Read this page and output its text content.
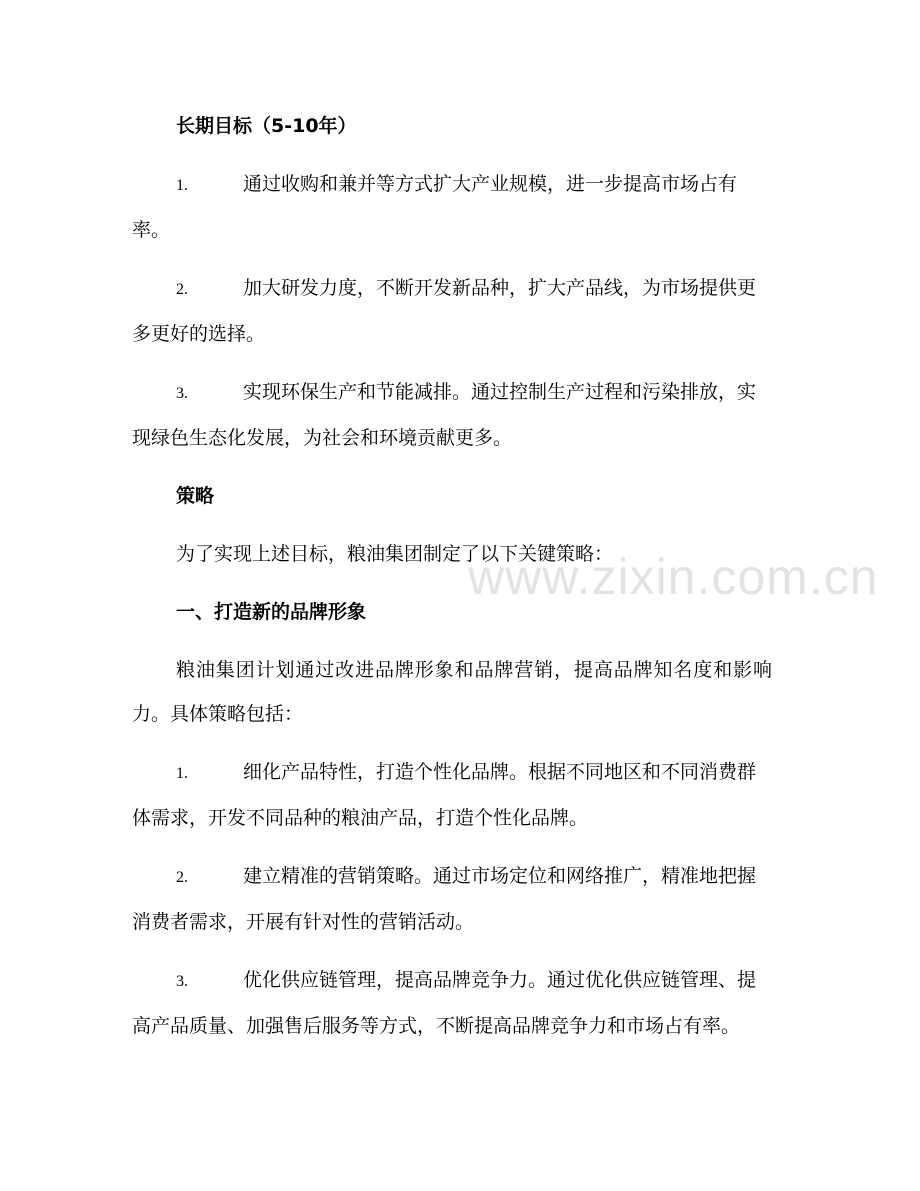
长期目标（5-10年）
1.	通过收购和兼并等方式扩大产业规模，进一步提高市场占有率。
2.	加大研发力度，不断开发新品种，扩大产品线，为市场提供更多更好的选择。
3.	实现环保生产和节能减排。通过控制生产过程和污染排放，实现绿色生态化发展，为社会和环境贡献更多。
策略
为了实现上述目标，粮油集团制定了以下关键策略：
一、打造新的品牌形象
粮油集团计划通过改进品牌形象和品牌营销，提高品牌知名度和影响力。具体策略包括：
1.	细化产品特性，打造个性化品牌。根据不同地区和不同消费群体需求，开发不同品种的粮油产品，打造个性化品牌。
2.	建立精准的营销策略。通过市场定位和网络推广，精准地把握消费者需求，开展有针对性的营销活动。
3.	优化供应链管理，提高品牌竞争力。通过优化供应链管理、提高产品质量、加强售后服务等方式，不断提高品牌竞争力和市场占有率。
www.zixin.com.cn
